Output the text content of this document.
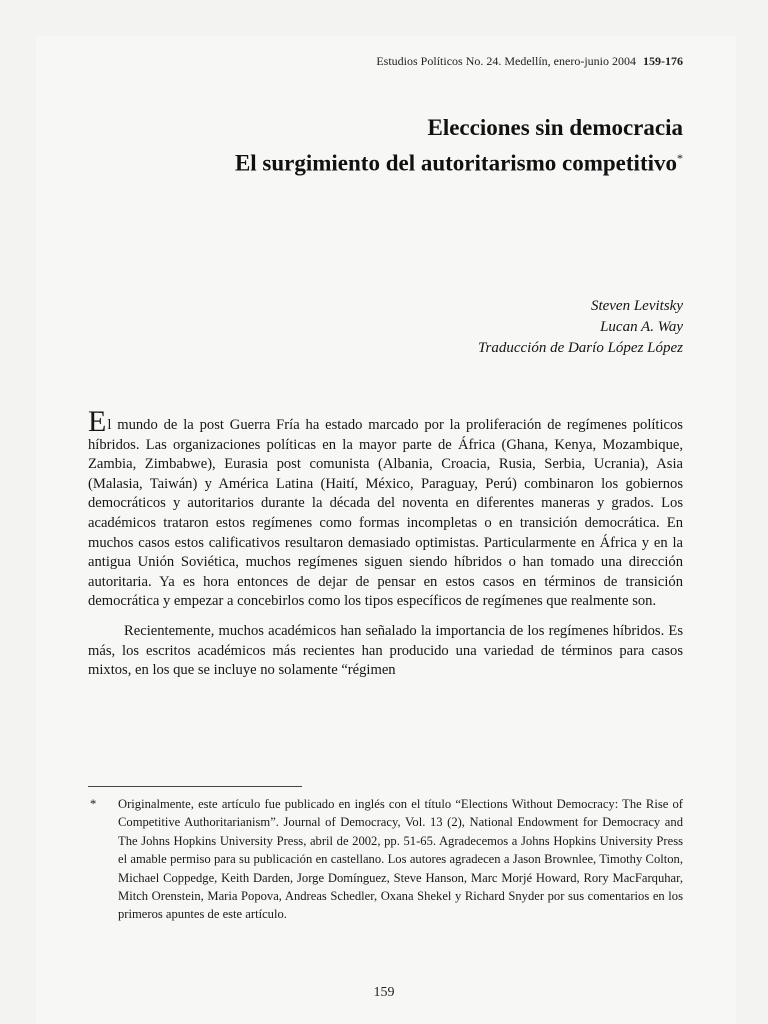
Estudios Políticos No. 24. Medellín, enero-junio 2004 159-176
Elecciones sin democracia
El surgimiento del autoritarismo competitivo*
Steven Levitsky
Lucan A. Way
Traducción de Darío López López

El mundo de la post Guerra Fría ha estado marcado por la proliferación de regímenes políticos híbridos. Las organizaciones políticas en la mayor parte de África (Ghana, Kenya, Mozambique, Zambia, Zimbabwe), Eurasia post comunista (Albania, Croacia, Rusia, Serbia, Ucrania), Asia (Malasia, Taiwán) y América Latina (Haití, México, Paraguay, Perú) combinaron los gobiernos democráticos y autoritarios durante la década del noventa en diferentes maneras y grados. Los académicos trataron estos regímenes como formas incompletas o en transición democrática. En muchos casos estos calificativos resultaron demasiado optimistas. Particularmente en África y en la antigua Unión Soviética, muchos regímenes siguen siendo híbridos o han tomado una dirección autoritaria. Ya es hora entonces de dejar de pensar en estos casos en términos de transición democrática y empezar a concebirlos como los tipos específicos de regímenes que realmente son.

Recientemente, muchos académicos han señalado la importancia de los regímenes híbridos. Es más, los escritos académicos más recientes han producido una variedad de términos para casos mixtos, en los que se incluye no solamente “régimen

* Originalmente, este artículo fue publicado en inglés con el título “Elections Without Democracy: The Rise of Competitive Authoritarianism”. Journal of Democracy, Vol. 13 (2), National Endowment for Democracy and The Johns Hopkins University Press, abril de 2002, pp. 51-65. Agradecemos a Johns Hopkins University Press el amable permiso para su publicación en castellano. Los autores agradecen a Jason Brownlee, Timothy Colton, Michael Coppedge, Keith Darden, Jorge Domínguez, Steve Hanson, Marc Morjé Howard, Rory MacFarquhar, Mitch Orenstein, Maria Popova, Andreas Schedler, Oxana Shekel y Richard Snyder por sus comentarios en los primeros apuntes de este artículo.
159
